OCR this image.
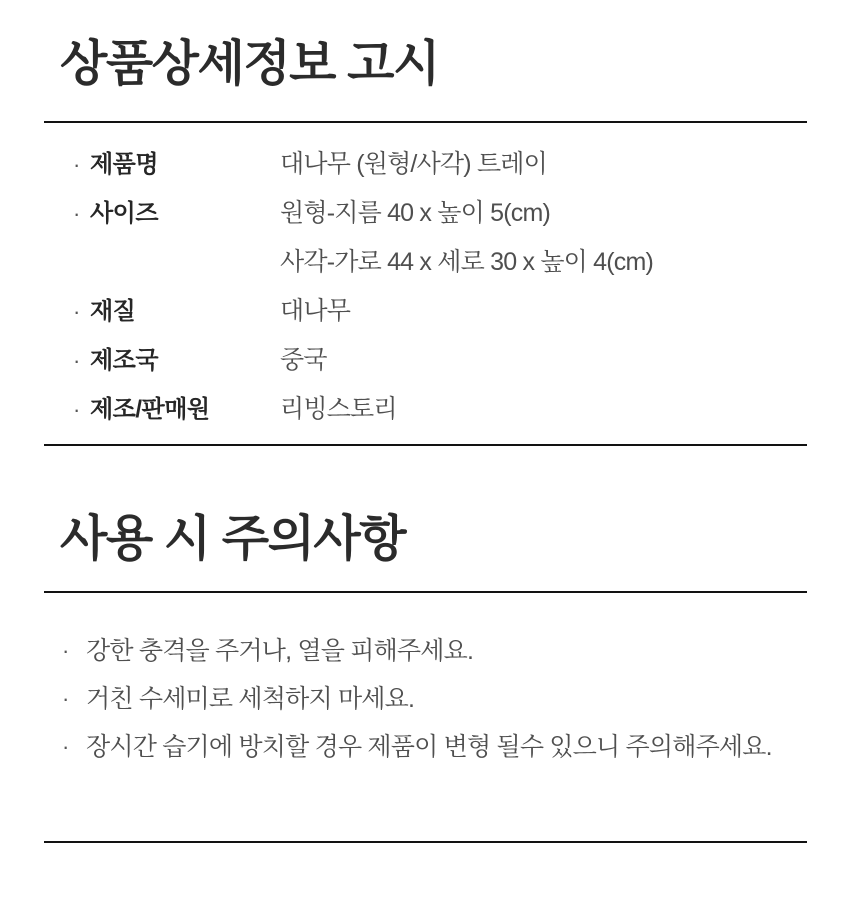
상품상세정보 고시
· 제품명	대나무 (원형/사각) 트레이
· 사이즈	원형-지름 40 x 높이 5(cm)
사각-가로 44 x 세로 30 x 높이 4(cm)
· 재질	대나무
· 제조국	중국
· 제조/판매원	리빙스토리
사용 시 주의사항
· 강한 충격을 주거나, 열을 피해주세요.
· 거친 수세미로 세척하지 마세요.
· 장시간 습기에 방치할 경우 제품이 변형 될수 있으니 주의해주세요.
